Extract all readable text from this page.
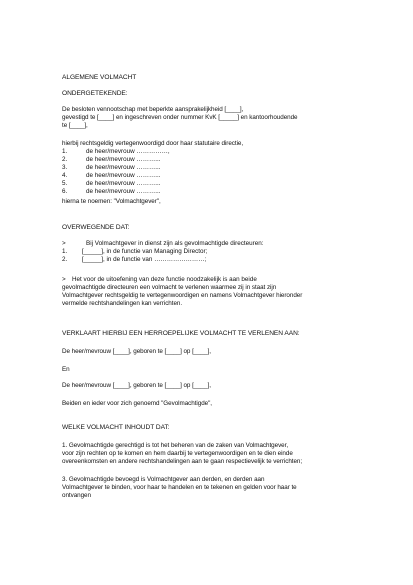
ALGEMENE VOLMACHT
ONDERGETEKENDE:
De besloten vennootschap met beperkte aansprakelijkheid [____],
gevestigd te [____] en ingeschreven onder nummer KvK [_____] en kantoorhoudende
te [____],
hierbij rechtsgeldig vertegenwoordigd door haar statutaire directie,
1.	de heer/mevrouw ……………,
2.	de heer/mevrouw ………...
3.	de heer/mevrouw ………...
4.	de heer/mevrouw ………...
5.	de heer/mevrouw ………...
6.	de heer/mevrouw ………...
hierna te noemen: "Volmachtgever",
OVERWEGENDE DAT:
>	Bij Volmachtgever in dienst zijn als gevolmachtigde directeuren:
1. [_____], in de functie van Managing Director;
2. [_____], in de functie van ……………………;
> Het voor de uitoefening van deze functie noodzakelijk is aan beide
gevolmachtigde directeuren een volmacht te verlenen waarmee zij in staat zijn
Volmachtgever rechtsgeldig te vertegenwoordigen en namens Volmachtgever hieronder
vermelde rechtshandelingen kan verrichten.
VERKLAART HIERBIJ EEN HERROEPELIJKE VOLMACHT TE VERLENEN AAN:
De heer/mevrouw [____], geboren te [____] op [____],
En
De heer/mevrouw [____], geboren te [____] op [____],
Beiden en ieder voor zich genoemd "Gevolmachtigde",
WELKE VOLMACHT INHOUDT DAT:
1. Gevolmachtigde gerechtigd is tot het beheren van de zaken van Volmachtgever,
voor zijn rechten op te komen en hem daarbij te vertegenwoordigen en te dien einde
overeenkomsten en andere rechtshandelingen aan te gaan respectievelijk te verrichten;
3. Gevolmachtigde bevoegd is Volmachtgever aan derden, en derden aan
Volmachtgever te binden, voor haar te handelen en te tekenen en gelden voor haar te
ontvangen
